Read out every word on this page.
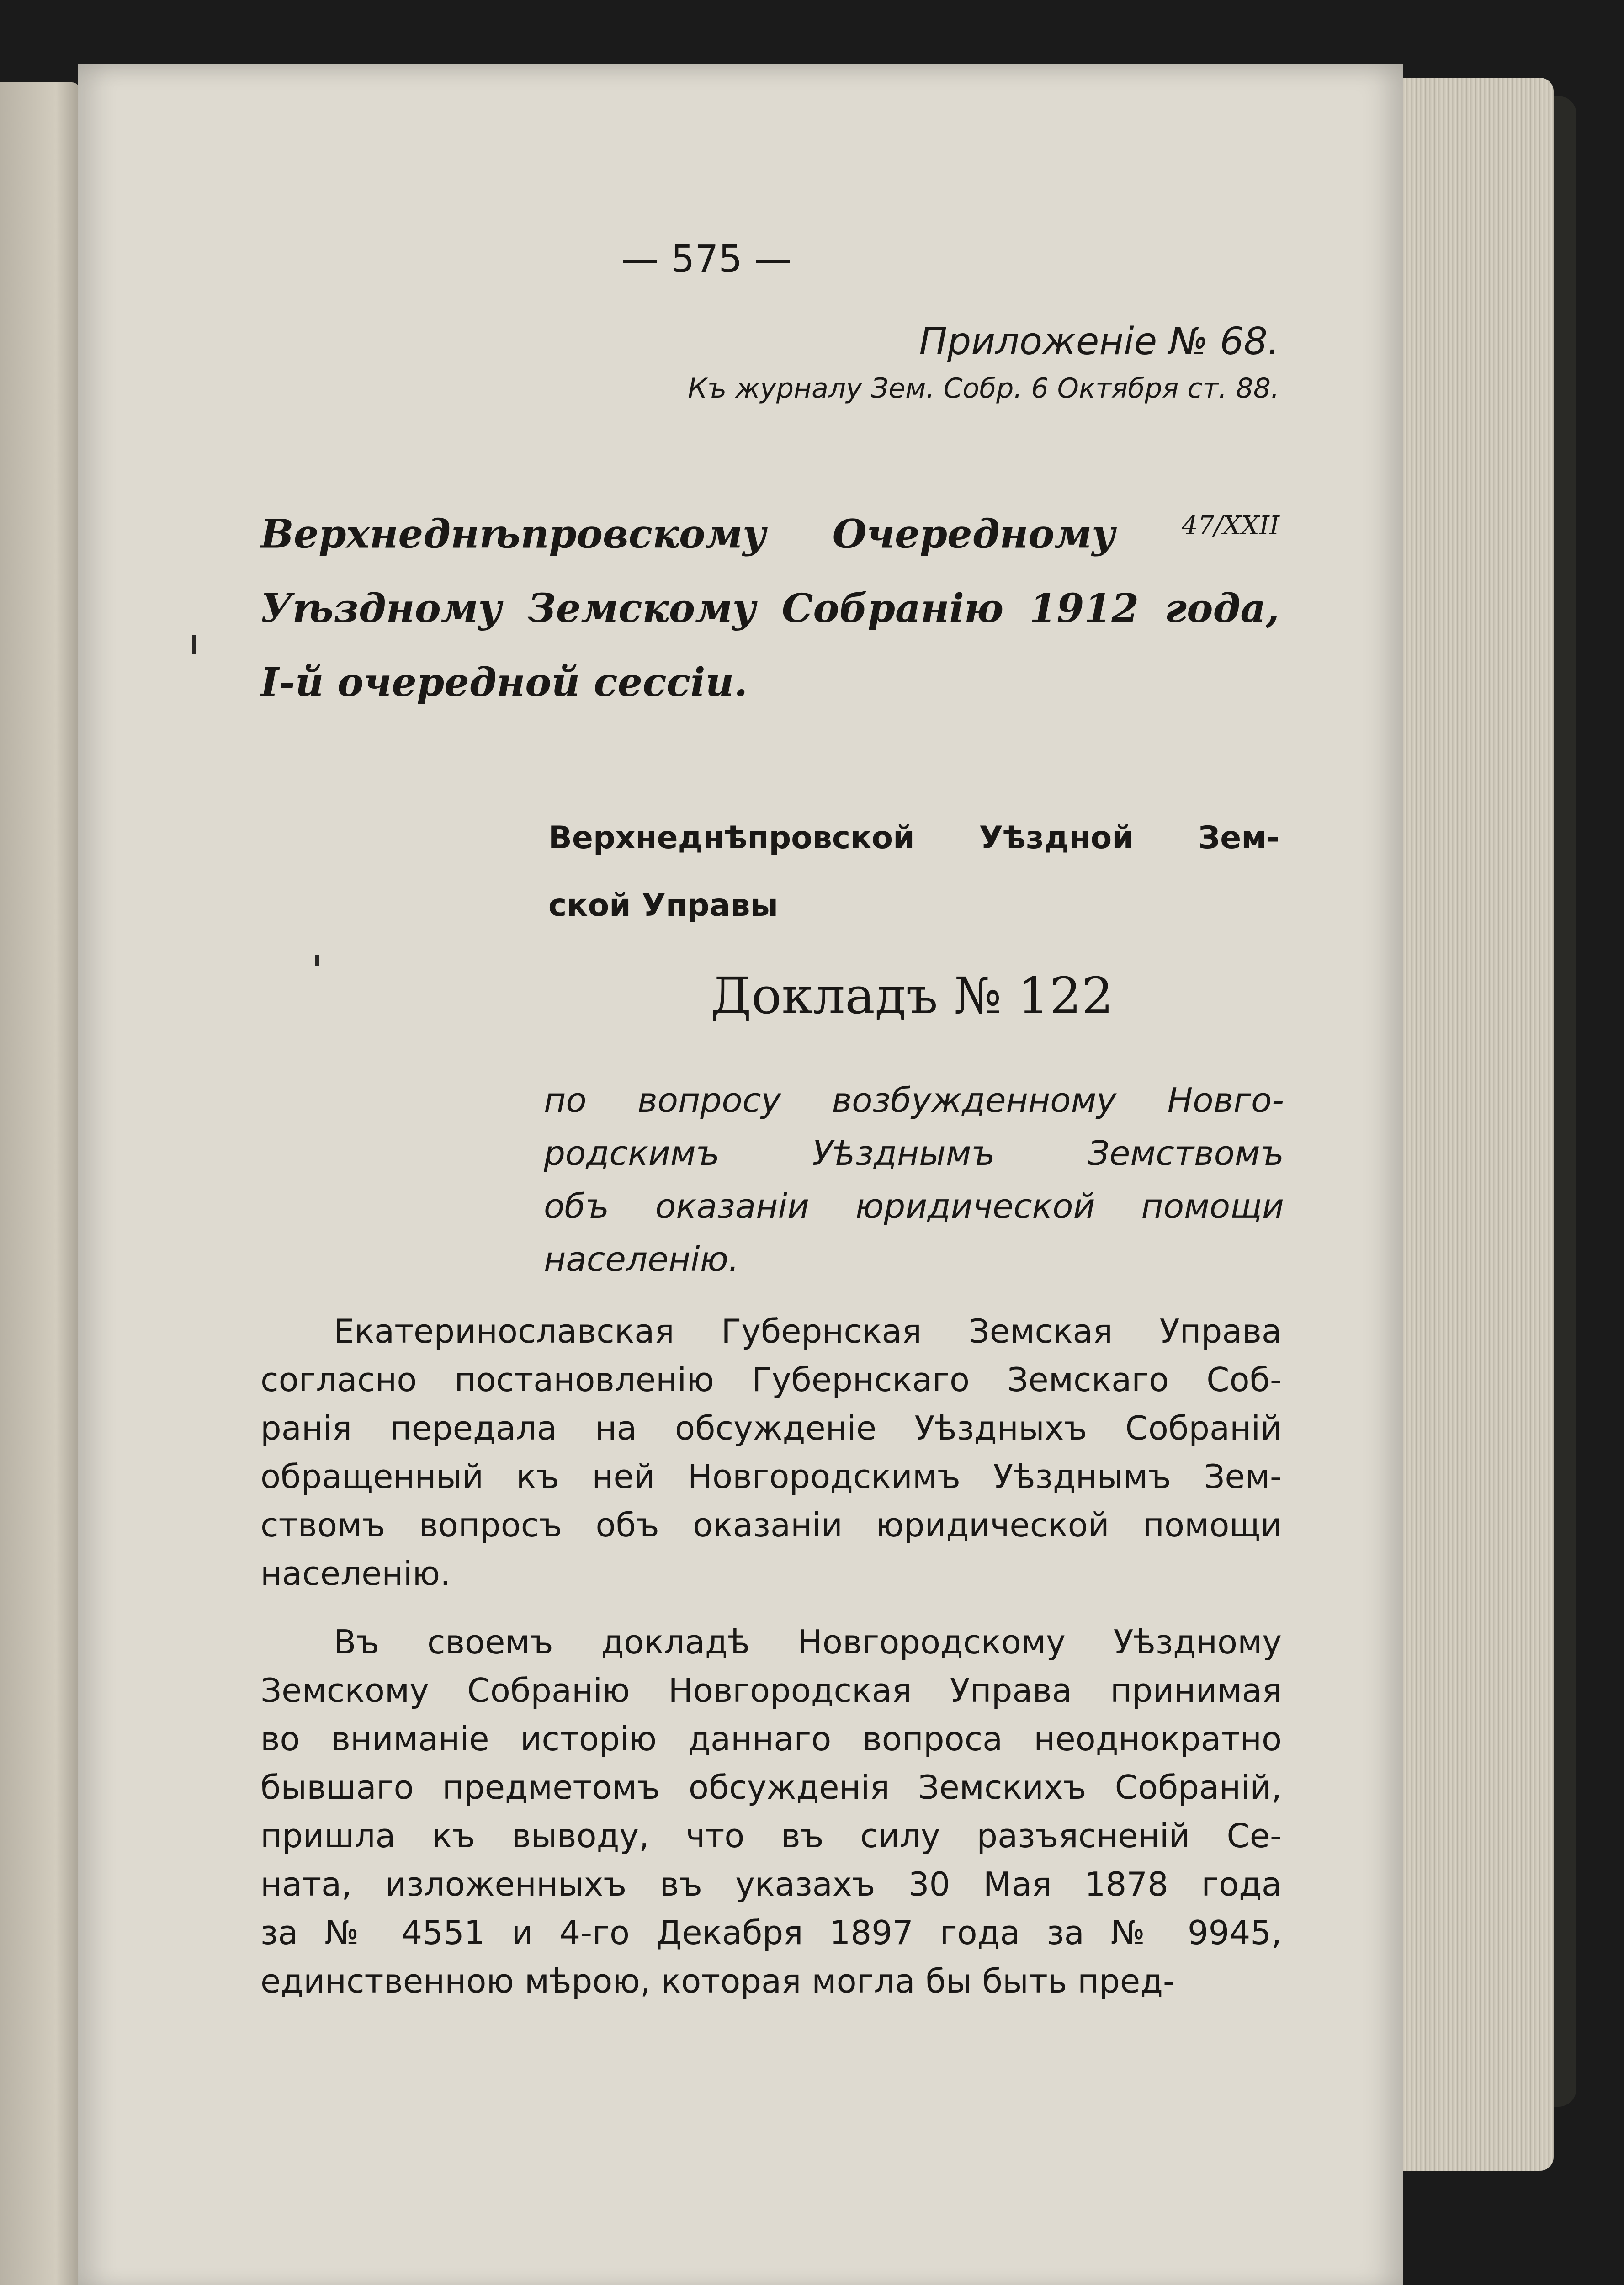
— 575 —

Приложенiе № 68.

Къ журналу Зем. Собр. 6 Октября ст. 88.

Верхнеднѣпровскому Очередному	$^{47/XXII}$
Уѣздному Земскому Собранiю 1912 года,
I-й очередной сессiи.
Верхнеднѣпровской Уѣздной Зем-
ской Управы

Докладъ № 122

по вопросу возбужденному Новго-
родскимъ Уѣзднымъ Земствомъ
объ оказанiи юридической помощи
населенiю.
Екатеринославская Губернская Земская Управа
согласно постановленiю Губернскаго Земскаго Соб-
ранiя передала на обсужденiе Уѣздныхъ Собранiй
обращенный къ ней Новгородскимъ Уѣзднымъ Зем-
ствомъ вопросъ объ оказанiи юридической помощи
населенiю.
Въ своемъ докладѣ Новгородскому Уѣздному
Земскому Собранiю Новгородская Управа принимая
во вниманiе исторiю даннаго вопроса неоднократно
бывшаго предметомъ обсужденiя Земскихъ Собранiй,
пришла къ выводу, что въ силу разъясненiй Се-
ната, изложенныхъ въ указахъ 30 Мая 1878 года
за № 4551 и 4-го Декабря 1897 года за № 9945,
единственною мѣрою, которая могла бы быть пред-
